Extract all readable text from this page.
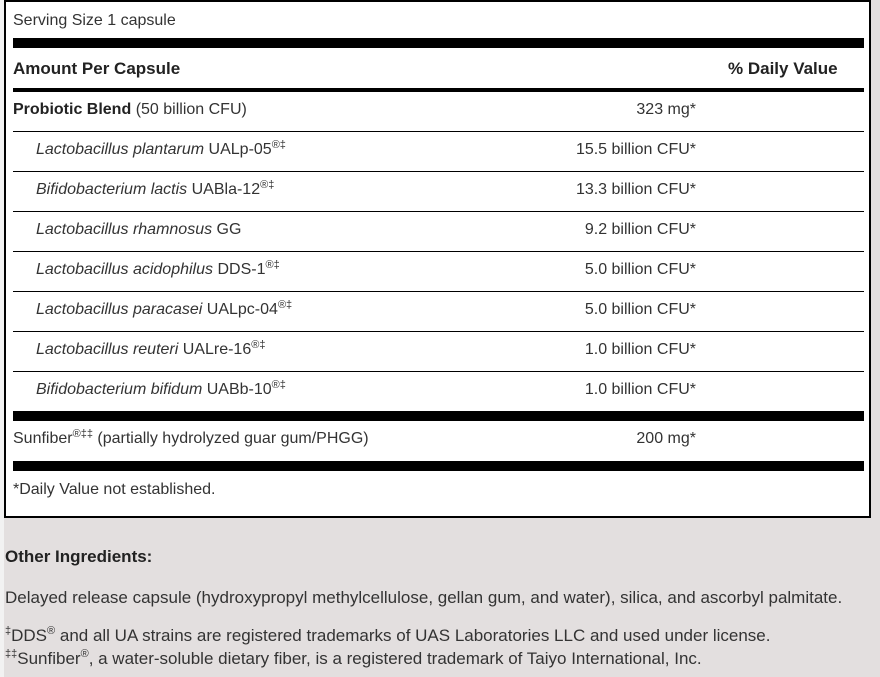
Serving Size 1 capsule
Amount Per Capsule	% Daily Value
Probiotic Blend (50 billion CFU)	323 mg*
Lactobacillus plantarum UALp-05®‡	15.5 billion CFU*
Bifidobacterium lactis UABla-12®‡	13.3 billion CFU*
Lactobacillus rhamnosus GG	9.2 billion CFU*
Lactobacillus acidophilus DDS-1®‡	5.0 billion CFU*
Lactobacillus paracasei UALpc-04®‡	5.0 billion CFU*
Lactobacillus reuteri UALre-16®‡	1.0 billion CFU*
Bifidobacterium bifidum UABb-10®‡	1.0 billion CFU*
Sunfiber®‡‡ (partially hydrolyzed guar gum/PHGG)	200 mg*
*Daily Value not established.
Other Ingredients:
Delayed release capsule (hydroxypropyl methylcellulose, gellan gum, and water), silica, and ascorbyl palmitate.
‡DDS® and all UA strains are registered trademarks of UAS Laboratories LLC and used under license.
‡‡Sunfiber®, a water-soluble dietary fiber, is a registered trademark of Taiyo International, Inc.
